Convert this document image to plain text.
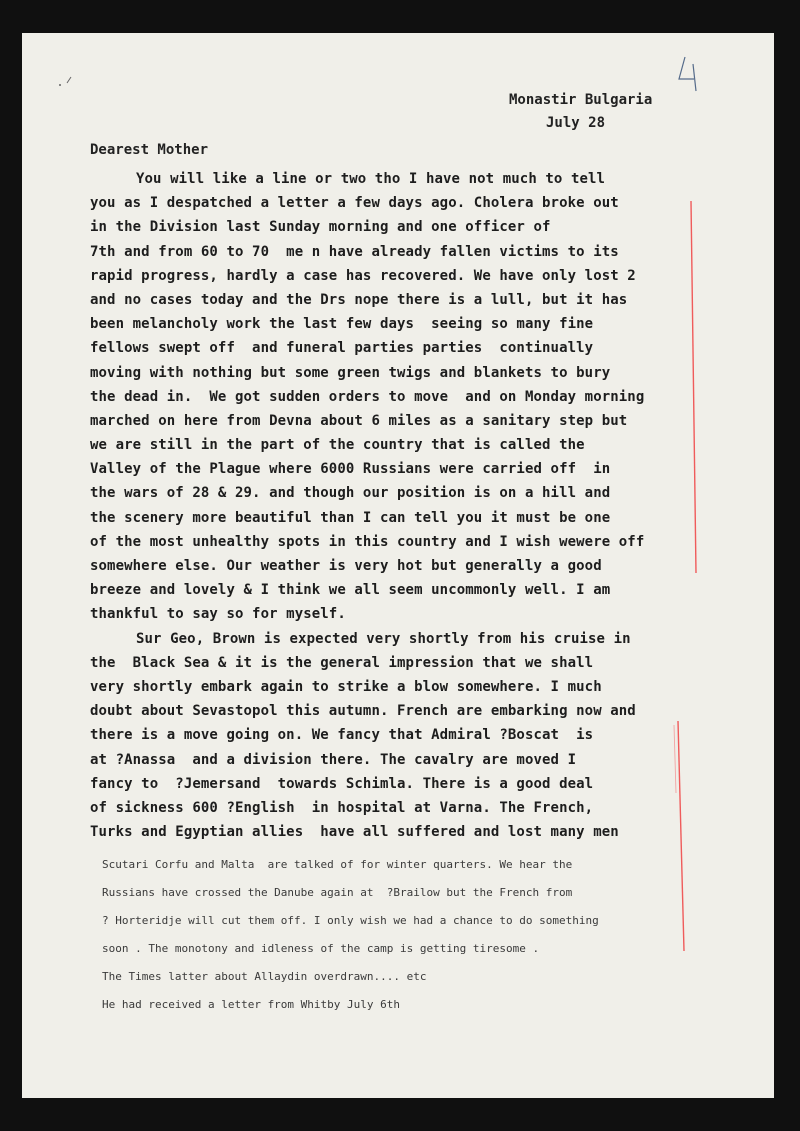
Monastir Bulgaria
July 28
Dearest Mother
You will like a line or two tho I have not much to tell
you as I despatched a letter a few days ago. Cholera broke out
in the Division last Sunday morning and one officer of
7th and from 60 to 70  me n have already fallen victims to its
rapid progress, hardly a case has recovered. We have only lost 2
and no cases today and the Drs nope there is a lull, but it has
been melancholy work the last few days  seeing so many fine
fellows swept off  and funeral parties parties  continually
moving with nothing but some green twigs and blankets to bury
the dead in.  We got sudden orders to move  and on Monday morning
marched on here from Devna about 6 miles as a sanitary step but
we are still in the part of the country that is called the
Valley of the Plague where 6000 Russians were carried off  in
the wars of 28 & 29. and though our position is on a hill and
the scenery more beautiful than I can tell you it must be one
of the most unhealthy spots in this country and I wish wewere off
somewhere else. Our weather is very hot but generally a good
breeze and lovely & I think we all seem uncommonly well. I am
thankful to say so for myself.
Sur Geo, Brown is expected very shortly from his cruise in
the  Black Sea & it is the general impression that we shall
very shortly embark again to strike a blow somewhere. I much
doubt about Sevastopol this autumn. French are embarking now and
there is a move going on. We fancy that Admiral ?Boscat  is
at ?Anassa  and a division there. The cavalry are moved I
fancy to  ?Jemersand  towards Schimla. There is a good deal
of sickness 600 ?English  in hospital at Varna. The French,
Turks and Egyptian allies  have all suffered and lost many men
Scutari Corfu and Malta  are talked of for winter quarters. We hear the
Russians have crossed the Danube again at  ?Brailow but the French from
? Horteridje will cut them off. I only wish we had a chance to do something
soon . The monotony and idleness of the camp is getting tiresome .
The Times latter about Allaydin overdrawn.... etc
He had received a letter from Whitby July 6th
